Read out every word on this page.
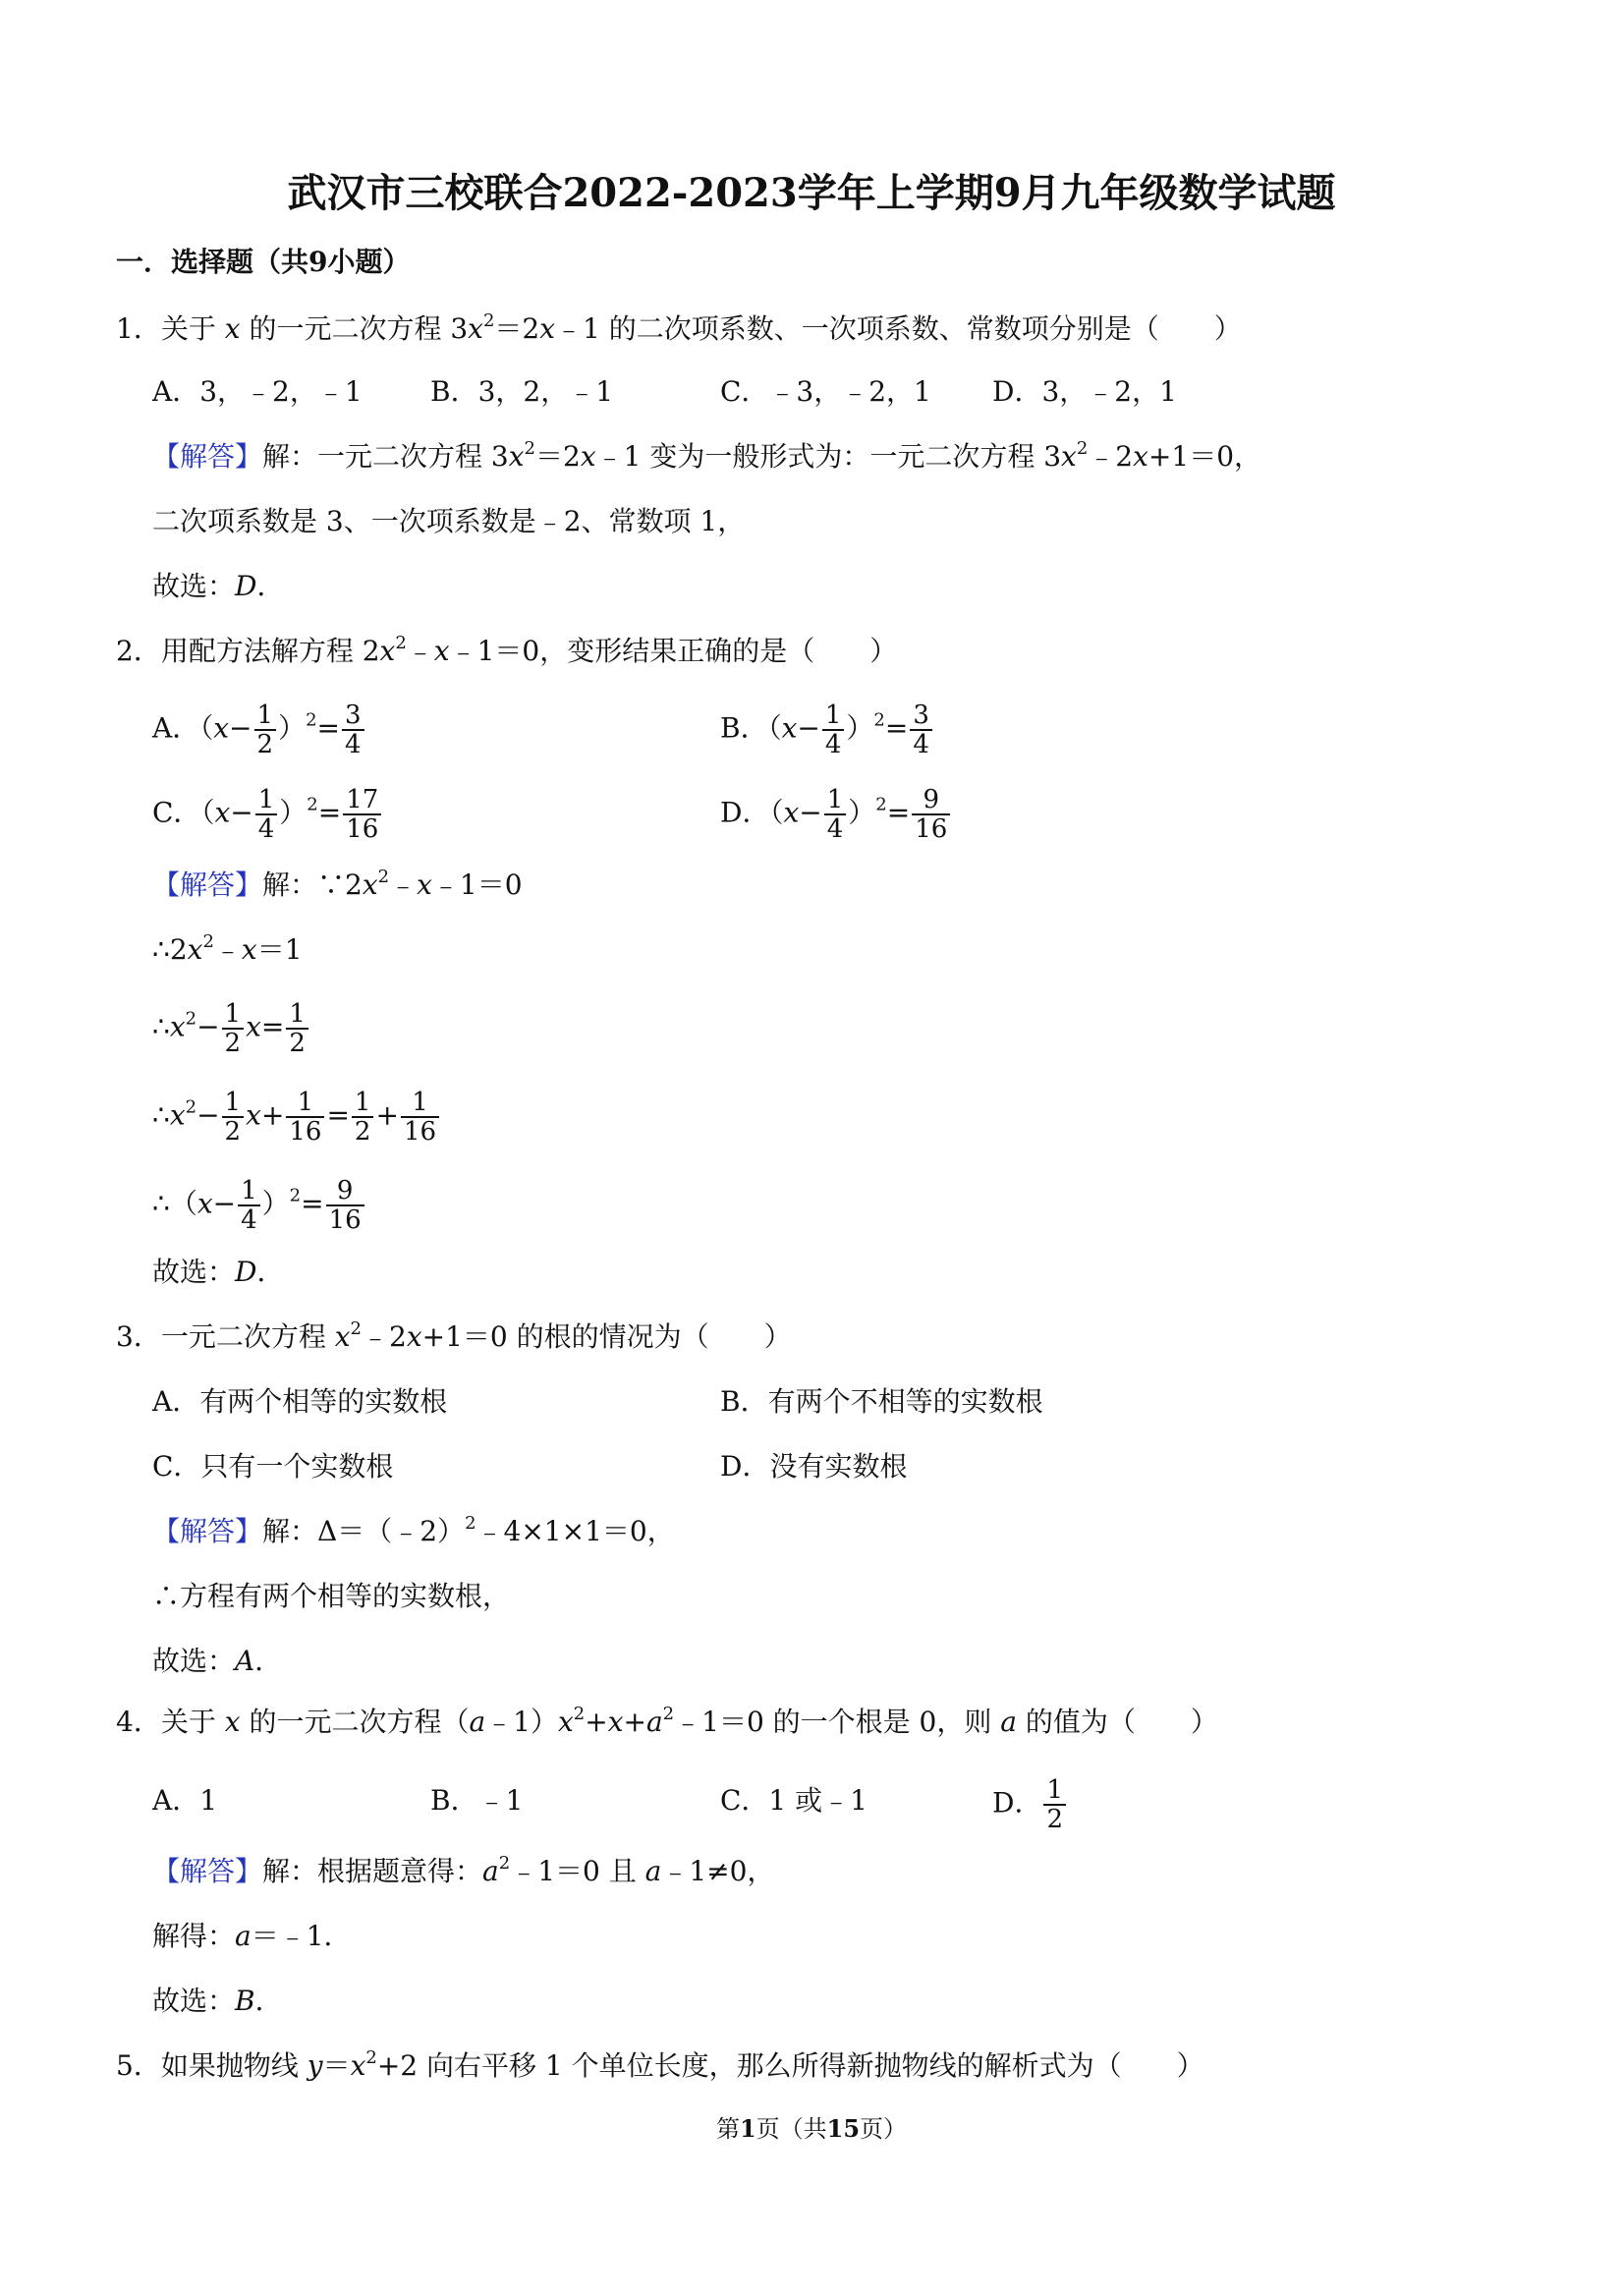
武汉市三校联合2022-2023学年上学期9月九年级数学试题
一．选择题（共9小题）
1．关于 x 的一元二次方程 $3x^2=2x﹣1$ 的二次项系数、一次项系数、常数项分别是（　　）
A．3，﹣2，﹣1 B．3，2，﹣1	C．﹣3，﹣2，1 D．3，﹣2，1
【解答】解：一元二次方程 $3x^2=2x﹣1$ 变为一般形式为：一元二次方程 $3x^2﹣2x+1=0$，
二次项系数是 3、一次项系数是﹣2、常数项 1，
故选：D．
2．用配方法解方程 $2x^2﹣x﹣1=0$，变形结果正确的是（　　）
A．$(x- \frac{1}{2} )^2= \frac{3}{4}$	B．$(x- \frac{1}{4} )^2= \frac{3}{4}$
C．$(x- \frac{1}{4} )^2= \frac{17}{16}$	D．$(x- \frac{1}{4} )^2= \frac{9}{16}$
【解答】解：$\because 2x^2﹣x﹣1=0$
$\therefore 2x^2﹣x=1$
$\therefore x^2- \frac{1}{2} x= \frac{1}{2}$
$\therefore x^2- \frac{1}{2} x+ \frac{1}{16} = \frac{1}{2} + \frac{1}{16}$
∴（x− $\frac{1}{4} )^2= \frac{9}{16}$
故选：D．
3．一元二次方程 $x^2﹣2x+1=0$ 的根的情况为（　　）
A．有两个相等的实数根	B．有两个不相等的实数根
C．只有一个实数根	D．没有实数根
【解答】解：Δ＝（﹣2）$^2$﹣4×1×1＝0，
∴方程有两个相等的实数根，
故选：A．
4．关于 x 的一元二次方程$(a﹣1)x^2+x+a^2﹣1=0$ 的一个根是 0，则 a 的值为（　　）
A．1	B．﹣1	C．1 或﹣1	D． $\frac{1}{2}$
【解答】解：根据题意得：$a^2﹣1=0$ 且 a﹣1≠0，
解得：a＝﹣1．
故选：B．
5．如果抛物线 $y=x^2+2$ 向右平移 1 个单位长度，那么所得新抛物线的解析式为（　　）
第1页（共15页）
